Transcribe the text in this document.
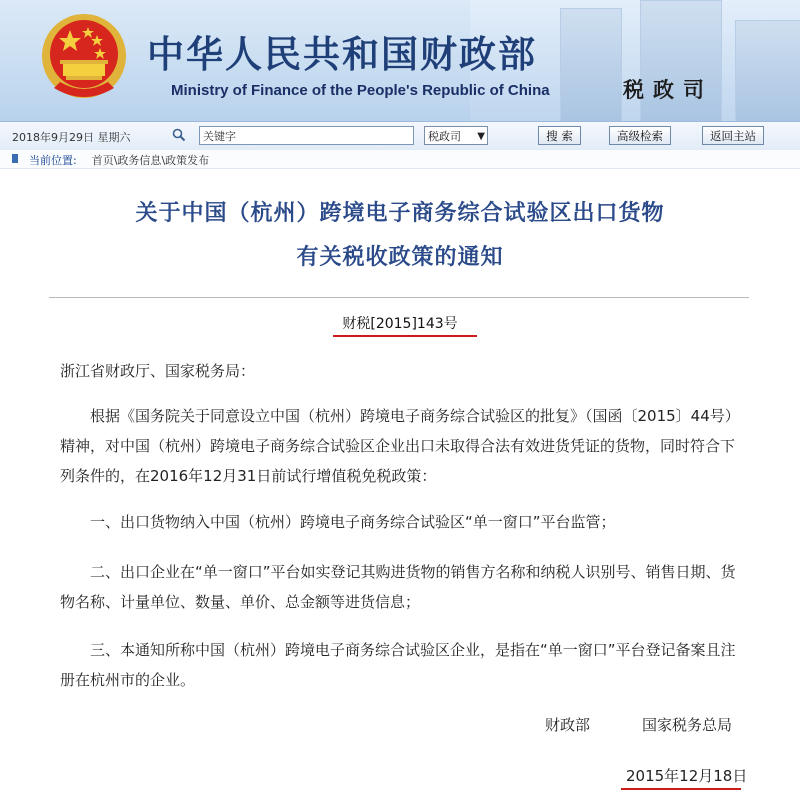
中华人民共和国财政部
Ministry of Finance of the People's Republic of China	税政司
2018年9月29日 星期六
关键字	税政司 ▼	搜 索	高级检索	返回主站
当前位置: 首页\政务信息\政策发布
关于中国（杭州）跨境电子商务综合试验区出口货物
有关税收政策的通知
财税[2015]143号

浙江省财政厅、国家税务局：

根据《国务院关于同意设立中国（杭州）跨境电子商务综合试验区的批复》（国函〔2015〕44号）精神，对中国（杭州）跨境电子商务综合试验区企业出口未取得合法有效进货凭证的货物，同时符合下列条件的，在2016年12月31日前试行增值税免税政策：

一、出口货物纳入中国（杭州）跨境电子商务综合试验区“单一窗口”平台监管；

二、出口企业在“单一窗口”平台如实登记其购进货物的销售方名称和纳税人识别号、销售日期、货物名称、计量单位、数量、单价、总金额等进货信息；

三、本通知所称中国（杭州）跨境电子商务综合试验区企业，是指在“单一窗口”平台登记备案且注册在杭州市的企业。

财政部	国家税务总局
2015年12月18日
